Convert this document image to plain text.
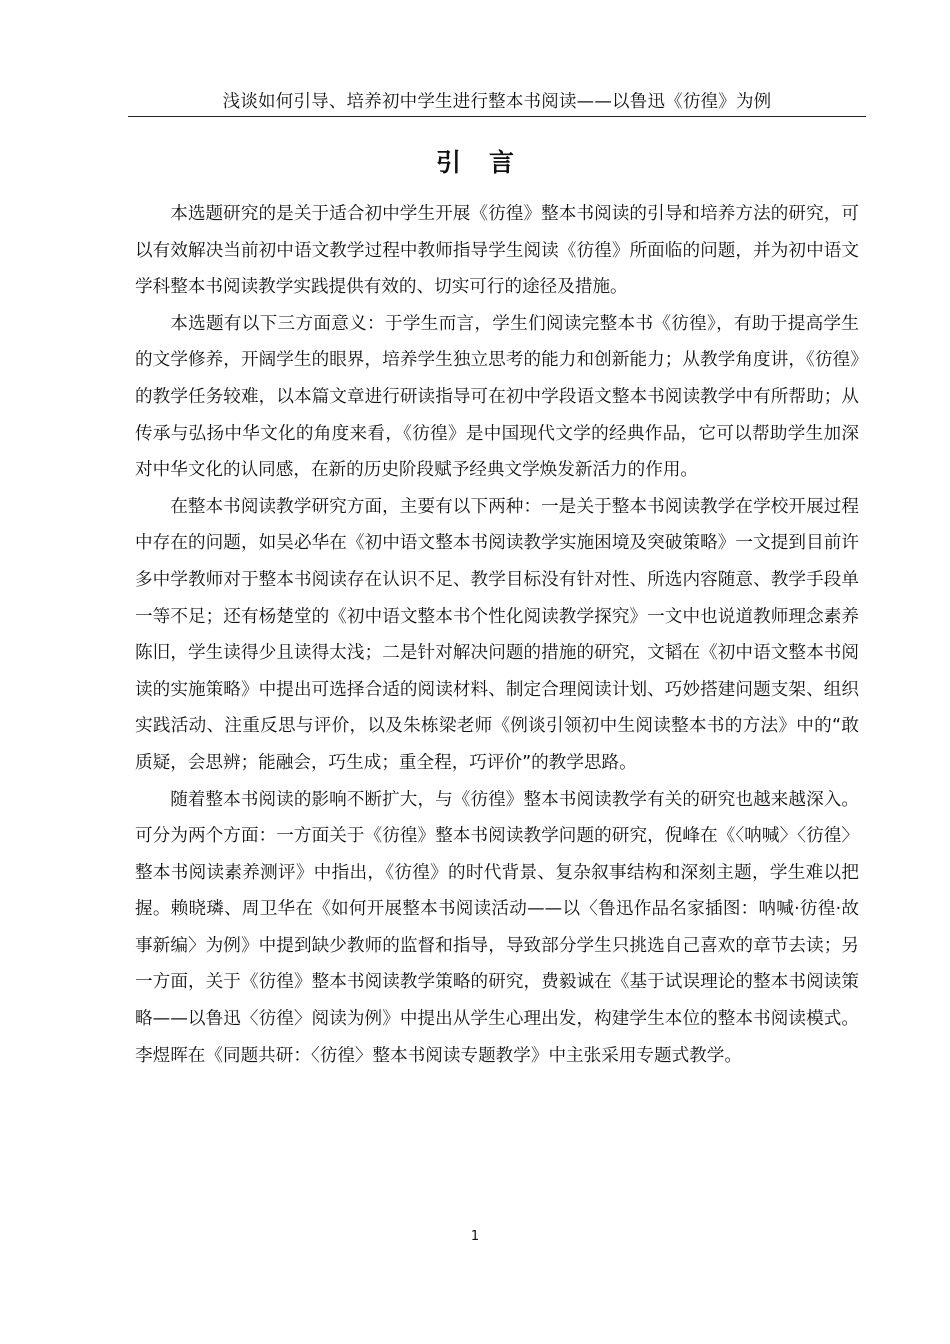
浅谈如何引导、培养初中学生进行整本书阅读——以鲁迅《彷徨》为例
引言

本选题研究的是关于适合初中学生开展《彷徨》整本书阅读的引导和培养方法的研究，可以有效解决当前初中语文教学过程中教师指导学生阅读《彷徨》所面临的问题，并为初中语文学科整本书阅读教学实践提供有效的、切实可行的途径及措施。

本选题有以下三方面意义：于学生而言，学生们阅读完整本书《彷徨》，有助于提高学生的文学修养，开阔学生的眼界，培养学生独立思考的能力和创新能力；从教学角度讲，《彷徨》的教学任务较难，以本篇文章进行研读指导可在初中学段语文整本书阅读教学中有所帮助；从传承与弘扬中华文化的角度来看，《彷徨》是中国现代文学的经典作品，它可以帮助学生加深对中华文化的认同感，在新的历史阶段赋予经典文学焕发新活力的作用。

在整本书阅读教学研究方面，主要有以下两种：一是关于整本书阅读教学在学校开展过程中存在的问题，如吴必华在《初中语文整本书阅读教学实施困境及突破策略》一文提到目前许多中学教师对于整本书阅读存在认识不足、教学目标没有针对性、所选内容随意、教学手段单一等不足；还有杨楚堂的《初中语文整本书个性化阅读教学探究》一文中也说道教师理念素养陈旧，学生读得少且读得太浅；二是针对解决问题的措施的研究，文韬在《初中语文整本书阅读的实施策略》中提出可选择合适的阅读材料、制定合理阅读计划、巧妙搭建问题支架、组织实践活动、注重反思与评价，以及朱栋梁老师《例谈引领初中生阅读整本书的方法》中的“敢质疑，会思辨；能融会，巧生成；重全程，巧评价”的教学思路。

随着整本书阅读的影响不断扩大，与《彷徨》整本书阅读教学有关的研究也越来越深入。可分为两个方面：一方面关于《彷徨》整本书阅读教学问题的研究，倪峰在《〈呐喊〉〈彷徨〉整本书阅读素养测评》中指出，《彷徨》的时代背景、复杂叙事结构和深刻主题，学生难以把握。赖晓璘、周卫华在《如何开展整本书阅读活动——以〈鲁迅作品名家插图：呐喊·彷徨·故事新编〉为例》中提到缺少教师的监督和指导，导致部分学生只挑选自己喜欢的章节去读；另一方面，关于《彷徨》整本书阅读教学策略的研究，费毅诚在《基于试误理论的整本书阅读策略——以鲁迅〈彷徨〉阅读为例》中提出从学生心理出发，构建学生本位的整本书阅读模式。李煜晖在《同题共研：〈彷徨〉整本书阅读专题教学》中主张采用专题式教学。

1
